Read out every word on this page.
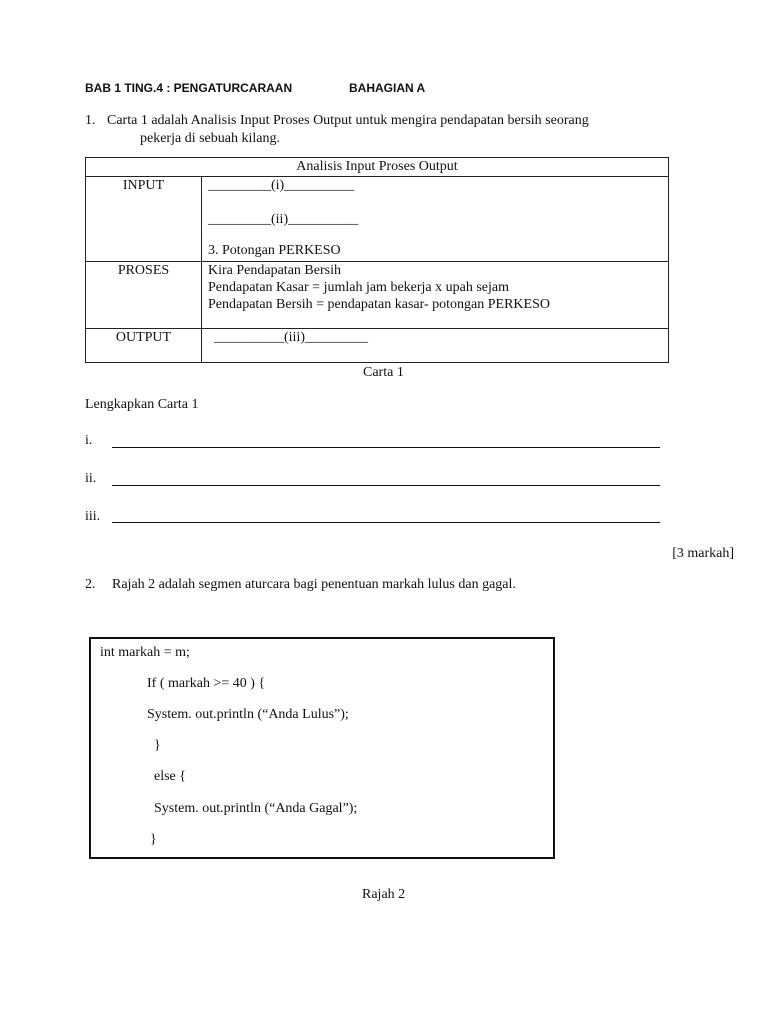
BAB 1 TING.4 : PENGATURCARAAN	BAHAGIAN A
1. Carta 1 adalah Analisis Input Proses Output untuk mengira pendapatan bersih seorang
pekerja di sebuah kilang.
Analisis Input Proses Output	
INPUT	_________(i)__________
_________(ii)__________
3. Potongan PERKESO

PROSES	Kira Pendapatan Bersih
Pendapatan Kasar = jumlah jam bekerja x upah sejam
Pendapatan Bersih = pendapatan kasar- potongan PERKESO

OUTPUT	__________(iii)_________
Carta 1
Lengkapkan Carta 1
i.
ii.
iii.
[3 markah]
2. Rajah 2 adalah segmen aturcara bagi penentuan markah lulus dan gagal.
int markah = m;
If ( markah >= 40 ) {
System. out.println (“Anda Lulus”);
}
else {
System. out.println (“Anda Gagal”);
}
Rajah 2
